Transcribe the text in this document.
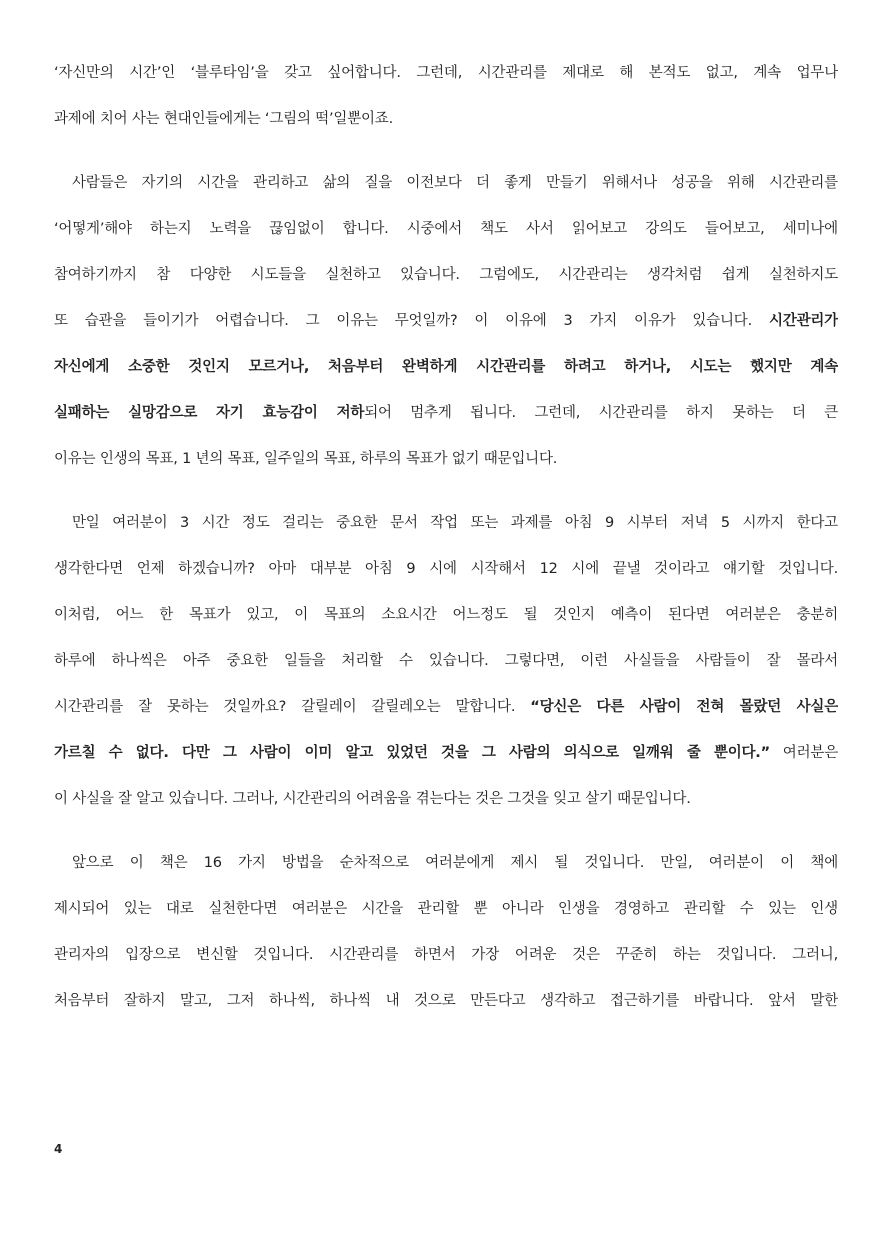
‘자신만의 시간’인 ‘블루타임’을 갖고 싶어합니다. 그런데, 시간관리를 제대로 해 본적도 없고, 계속 업무나
과제에 치어 사는 현대인들에게는 ‘그림의 떡’일뿐이죠.
사람들은 자기의 시간을 관리하고 삶의 질을 이전보다 더 좋게 만들기 위해서나 성공을 위해 시간관리를
‘어떻게’해야 하는지 노력을 끊임없이 합니다. 시중에서 책도 사서 읽어보고 강의도 들어보고, 세미나에
참여하기까지 참 다양한 시도들을 실천하고 있습니다. 그럼에도, 시간관리는 생각처럼 쉽게 실천하지도
또 습관을 들이기가 어렵습니다. 그 이유는 무엇일까? 이 이유에 3 가지 이유가 있습니다. 시간관리가
자신에게 소중한 것인지 모르거나, 처음부터 완벽하게 시간관리를 하려고 하거나, 시도는 했지만 계속
실패하는 실망감으로 자기 효능감이 저하되어 멈추게 됩니다. 그런데, 시간관리를 하지 못하는 더 큰
이유는 인생의 목표, 1 년의 목표, 일주일의 목표, 하루의 목표가 없기 때문입니다.
만일 여러분이 3 시간 정도 걸리는 중요한 문서 작업 또는 과제를 아침 9 시부터 저녁 5 시까지 한다고
생각한다면 언제 하겠습니까? 아마 대부분 아침 9 시에 시작해서 12 시에 끝낼 것이라고 얘기할 것입니다.
이처럼, 어느 한 목표가 있고, 이 목표의 소요시간 어느정도 될 것인지 예측이 된다면 여러분은 충분히
하루에 하나씩은 아주 중요한 일들을 처리할 수 있습니다. 그렇다면, 이런 사실들을 사람들이 잘 몰라서
시간관리를 잘 못하는 것일까요? 갈릴레이 갈릴레오는 말합니다. “당신은 다른 사람이 전혀 몰랐던 사실은
가르칠 수 없다. 다만 그 사람이 이미 알고 있었던 것을 그 사람의 의식으로 일깨워 줄 뿐이다.” 여러분은
이 사실을 잘 알고 있습니다. 그러나, 시간관리의 어려움을 겪는다는 것은 그것을 잊고 살기 때문입니다.
앞으로 이 책은 16 가지 방법을 순차적으로 여러분에게 제시 될 것입니다. 만일, 여러분이 이 책에
제시되어 있는 대로 실천한다면 여러분은 시간을 관리할 뿐 아니라 인생을 경영하고 관리할 수 있는 인생
관리자의 입장으로 변신할 것입니다. 시간관리를 하면서 가장 어려운 것은 꾸준히 하는 것입니다. 그러니,
처음부터 잘하지 말고, 그저 하나씩, 하나씩 내 것으로 만든다고 생각하고 접근하기를 바랍니다. 앞서 말한
4
